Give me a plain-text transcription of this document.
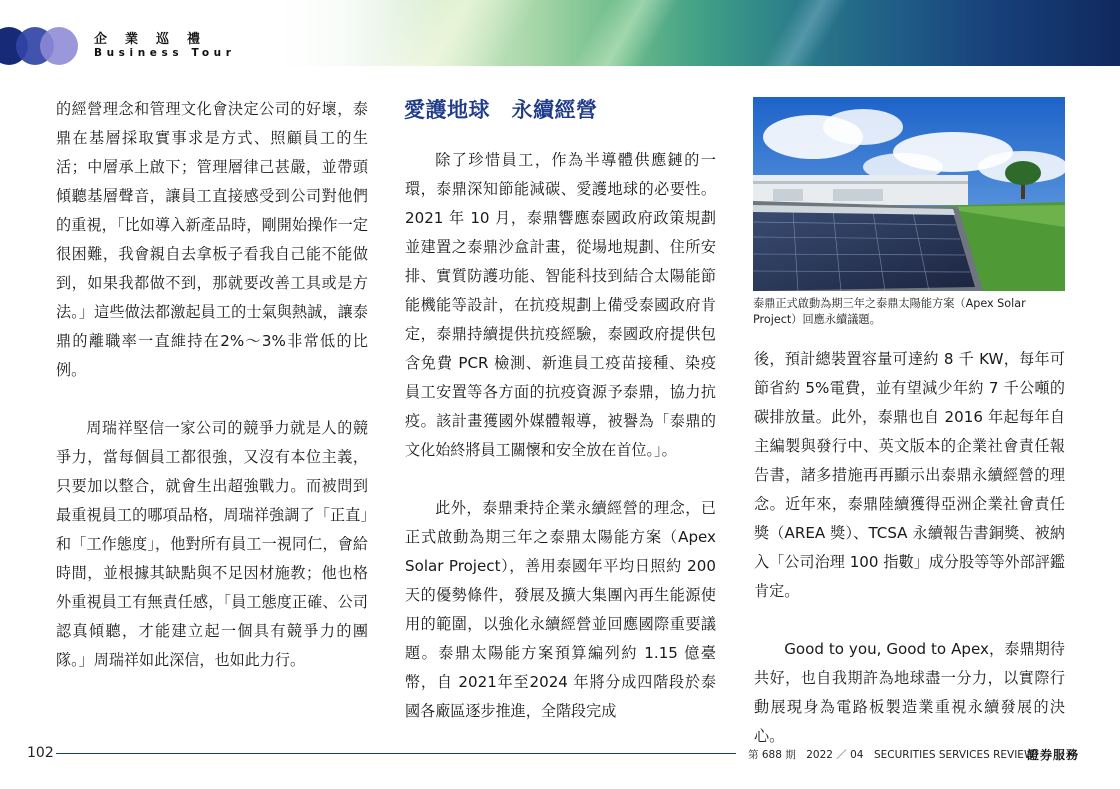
企業巡禮
Business Tour

的經營理念和管理文化會決定公司的好壞，泰鼎在基層採取實事求是方式、照顧員工的生活；中層承上啟下；管理層律己甚嚴，並帶頭傾聽基層聲音，讓員工直接感受到公司對他們的重視，「比如導入新產品時，剛開始操作一定很困難，我會親自去拿板子看我自己能不能做到，如果我都做不到，那就要改善工具或是方法。」這些做法都激起員工的士氣與熱誠，讓泰鼎的離職率一直維持在2%～3%非常低的比例。

周瑞祥堅信一家公司的競爭力就是人的競爭力，當每個員工都很強，又沒有本位主義，只要加以整合，就會生出超強戰力。而被問到最重視員工的哪項品格，周瑞祥強調了「正直」和「工作態度」，他對所有員工一視同仁，會給時間，並根據其缺點與不足因材施教；他也格外重視員工有無責任感，「員工態度正確、公司認真傾聽，才能建立起一個具有競爭力的團隊。」周瑞祥如此深信，也如此力行。

愛護地球　永續經營

除了珍惜員工，作為半導體供應鏈的一環，泰鼎深知節能減碳、愛護地球的必要性。2021 年 10 月，泰鼎響應泰國政府政策規劃並建置之泰鼎沙盒計畫，從場地規劃、住所安排、實質防護功能、智能科技到結合太陽能節能機能等設計，在抗疫規劃上備受泰國政府肯定，泰鼎持續提供抗疫經驗，泰國政府提供包含免費 PCR 檢測、新進員工疫苗接種、染疫員工安置等各方面的抗疫資源予泰鼎，協力抗疫。該計畫獲國外媒體報導，被譽為「泰鼎的文化始終將員工關懷和安全放在首位。」。

此外，泰鼎秉持企業永續經營的理念，已正式啟動為期三年之泰鼎太陽能方案（Apex Solar Project），善用泰國年平均日照約 200 天的優勢條件，發展及擴大集團內再生能源使用的範圍，以強化永續經營並回應國際重要議題。泰鼎太陽能方案預算編列約 1.15 億臺幣，自 2021年至2024 年將分成四階段於泰國各廠區逐步推進，全階段完成

泰鼎正式啟動為期三年之泰鼎太陽能方案（Apex Solar Project）回應永續議題。

後，預計總裝置容量可達約 8 千 KW，每年可節省約 5%電費，並有望減少年約 7 千公噸的碳排放量。此外，泰鼎也自 2016 年起每年自主編製與發行中、英文版本的企業社會責任報告書，諸多措施再再顯示出泰鼎永續經營的理念。近年來，泰鼎陸續獲得亞洲企業社會責任獎（AREA 獎）、TCSA 永續報告書銅獎、被納入「公司治理 100 指數」成分股等等外部評鑑肯定。

Good to you, Good to Apex，泰鼎期待共好，也自我期許為地球盡一分力，以實際行動展現身為電路板製造業重視永續發展的決心。

102	第 688 期　2022 ／ 04　SECURITIES SERVICES REVIEW
證券服務
